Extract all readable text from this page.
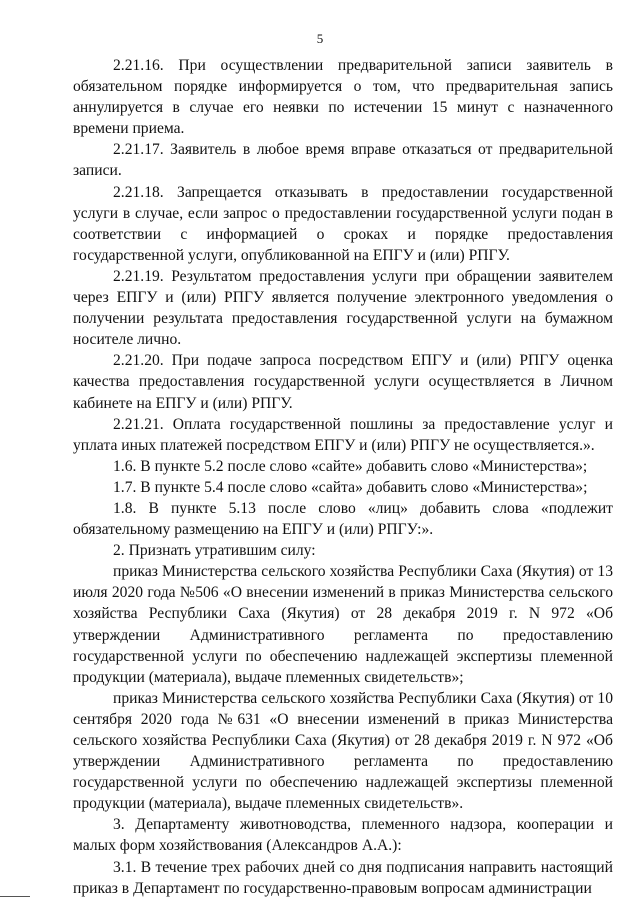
5

2.21.16. При осуществлении предварительной записи заявитель в обязательном порядке информируется о том, что предварительная запись аннулируется в случае его неявки по истечении 15 минут с назначенного времени приема.

2.21.17. Заявитель в любое время вправе отказаться от предварительной записи.

2.21.18. Запрещается отказывать в предоставлении государственной услуги в случае, если запрос о предоставлении государственной услуги подан в соответствии с информацией о сроках и порядке предоставления государственной услуги, опубликованной на ЕПГУ и (или) РПГУ.

2.21.19. Результатом предоставления услуги при обращении заявителем через ЕПГУ и (или) РПГУ является получение электронного уведомления о получении результата предоставления государственной услуги на бумажном носителе лично.

2.21.20. При подаче запроса посредством ЕПГУ и (или) РПГУ оценка качества предоставления государственной услуги осуществляется в Личном кабинете на ЕПГУ и (или) РПГУ.

2.21.21. Оплата государственной пошлины за предоставление услуг и уплата иных платежей посредством ЕПГУ и (или) РПГУ не осуществляется.».

1.6. В пункте 5.2 после слово «сайте» добавить слово «Министерства»;

1.7. В пункте 5.4 после слово «сайта» добавить слово «Министерства»;

1.8. В пункте 5.13 после слово «лиц» добавить слова «подлежит обязательному размещению на ЕПГУ и (или) РПГУ:».

2. Признать утратившим силу:

приказ Министерства сельского хозяйства Республики Саха (Якутия) от 13 июля 2020 года №506 «О внесении изменений в приказ Министерства сельского хозяйства Республики Саха (Якутия) от 28 декабря 2019 г. N 972 «Об утверждении Административного регламента по предоставлению государственной услуги по обеспечению надлежащей экспертизы племенной продукции (материала), выдаче племенных свидетельств»;

приказ Министерства сельского хозяйства Республики Саха (Якутия) от 10 сентября 2020 года №631 «О внесении изменений в приказ Министерства сельского хозяйства Республики Саха (Якутия) от 28 декабря 2019 г. N 972 «Об утверждении Административного регламента по предоставлению государственной услуги по обеспечению надлежащей экспертизы племенной продукции (материала), выдаче племенных свидетельств».

3. Департаменту животноводства, племенного надзора, кооперации и малых форм хозяйствования (Александров А.А.):

3.1. В течение трех рабочих дней со дня подписания направить настоящий приказ в Департамент по государственно-правовым вопросам администрации
